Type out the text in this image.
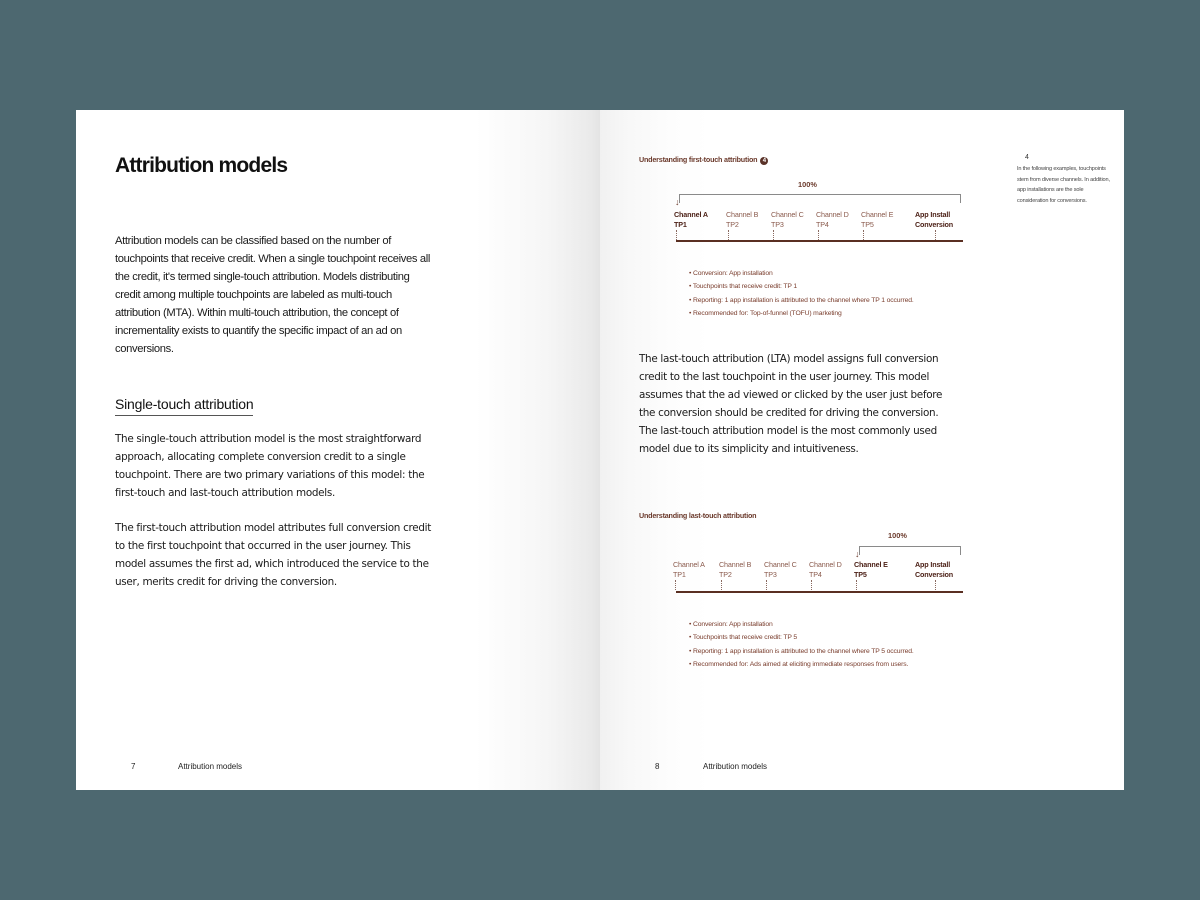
Attribution models
Attribution models can be classified based on the number of touchpoints that receive credit. When a single touchpoint receives all the credit, it's termed single-touch attribution. Models distributing credit among multiple touchpoints are labeled as multi-touch attribution (MTA). Within multi-touch attribution, the concept of incrementality exists to quantify the specific impact of an ad on conversions.
Single-touch attribution
The single-touch attribution model is the most straightforward approach, allocating complete conversion credit to a single touchpoint. There are two primary variations of this model: the first-touch and last-touch attribution models.
The first-touch attribution model attributes full conversion credit to the first touchpoint that occurred in the user journey. This model assumes the first ad, which introduced the service to the user, merits credit for driving the conversion.
7	Attribution models
Understanding first-touch attribution 4	4
In the following examples, touchpoints stem from diverse channels. In addition, app installations are the sole consideration for conversions.
100%
↓
Channel A
TP1
Channel B
TP2
Channel C
TP3
Channel D
TP4
Channel E
TP5
App Install
Conversion
• Conversion: App installation
• Touchpoints that receive credit: TP 1
• Reporting: 1 app installation is attributed to the channel where TP 1 occurred.
• Recommended for: Top-of-funnel (TOFU) marketing
The last-touch attribution (LTA) model assigns full conversion credit to the last touchpoint in the user journey. This model assumes that the ad viewed or clicked by the user just before the conversion should be credited for driving the conversion. The last-touch attribution model is the most commonly used model due to its simplicity and intuitiveness.
Understanding last-touch attribution
100%
↓
Channel A
TP1
Channel B
TP2
Channel C
TP3
Channel D
TP4
Channel E
TP5
App Install
Conversion
• Conversion: App installation
• Touchpoints that receive credit: TP 5
• Reporting: 1 app installation is attributed to the channel where TP 5 occurred.
• Recommended for: Ads aimed at eliciting immediate responses from users.
8	Attribution models
